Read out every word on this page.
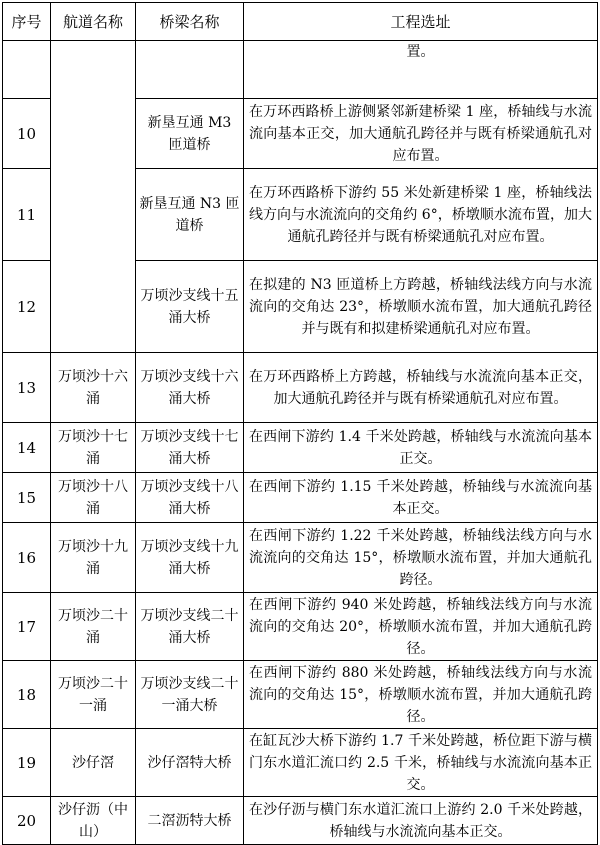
序号	航道名称	桥梁名称	工程选址
			置。
10		新垦互通 M3 匝道桥	在万环西路桥上游侧紧邻新建桥梁 1 座，桥轴线与水流流向基本正交，加大通航孔跨径并与既有桥梁通航孔对应布置。
11		新垦互通 N3 匝道桥	在万环西路桥下游约 55 米处新建桥梁 1 座，桥轴线法线方向与水流流向的交角约 6°，桥墩顺水流布置，加大通航孔跨径并与既有桥梁通航孔对应布置。
12		万顷沙支线十五涌大桥	在拟建的 N3 匝道桥上方跨越，桥轴线法线方向与水流流向的交角达 23°，桥墩顺水流布置，加大通航孔跨径并与既有和拟建桥梁通航孔对应布置。
13	万顷沙十六涌	万顷沙支线十六涌大桥	在万环西路桥上方跨越，桥轴线与水流流向基本正交，加大通航孔跨径并与既有桥梁通航孔对应布置。
14	万顷沙十七涌	万顷沙支线十七涌大桥	在西闸下游约 1.4 千米处跨越，桥轴线与水流流向基本正交。
15	万顷沙十八涌	万顷沙支线十八涌大桥	在西闸下游约 1.15 千米处跨越，桥轴线与水流流向基本正交。
16	万顷沙十九涌	万顷沙支线十九涌大桥	在西闸下游约 1.22 千米处跨越，桥轴线法线方向与水流流向的交角达 15°，桥墩顺水流布置，并加大通航孔跨径。
17	万顷沙二十涌	万顷沙支线二十涌大桥	在西闸下游约 940 米处跨越，桥轴线法线方向与水流流向的交角达 20°，桥墩顺水流布置，并加大通航孔跨径。
18	万顷沙二十一涌	万顷沙支线二十一涌大桥	在西闸下游约 880 米处跨越，桥轴线法线方向与水流流向的交角达 15°，桥墩顺水流布置，并加大通航孔跨径。
19	沙仔滘	沙仔滘特大桥	在缸瓦沙大桥下游约 1.7 千米处跨越，桥位距下游与横门东水道汇流口约 2.5 千米，桥轴线与水流流向基本正交。
20	沙仔沥（中山）	二滘沥特大桥	在沙仔沥与横门东水道汇流口上游约 2.0 千米处跨越，桥轴线与水流流向基本正交。
